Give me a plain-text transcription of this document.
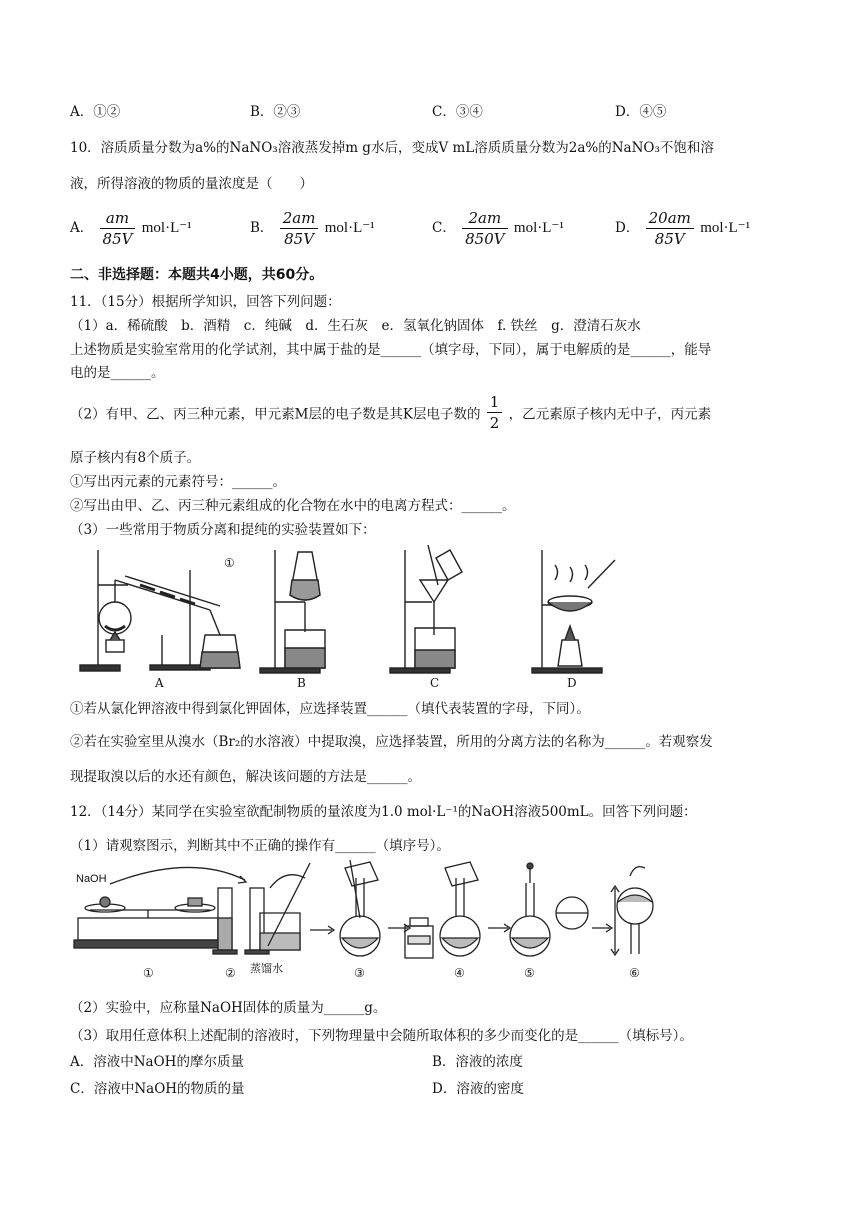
A．①②	B．②③	C．③④	D．④⑤
10．溶质质量分数为a%的NaNO₃溶液蒸发掉m g水后，变成V mL溶质质量分数为2a%的NaNO₃不饱和溶
液，所得溶液的物质的量浓度是（　　）
A． $\frac{am}{85V} mol\cdot L^{-1}$	B． $\frac{2am}{85V} mol\cdot L^{-1}$	C． $\frac{2am}{850V} mol\cdot L^{-1}$	D． $\frac{20am}{85V} mol\cdot L^{-1}$
二、非选择题：本题共4小题，共60分。
11．（15分）根据所学知识，回答下列问题：
（1）a．稀硫酸　b．酒精　c．纯碱　d．生石灰　e．氢氧化钠固体　f. 铁丝　g．澄清石灰水
上述物质是实验室常用的化学试剂，其中属于盐的是______（填字母，下同），属于电解质的是______，能导
电的是______。
（2）有甲、乙、丙三种元素，甲元素M层的电子数是其K层电子数的 $\frac{1}{2}$ ，乙元素原子核内无中子，丙元素
原子核内有8个质子。
①写出丙元素的元素符号：______。
②写出由甲、乙、丙三种元素组成的化合物在水中的电离方程式：______。
（3）一些常用于物质分离和提纯的实验装置如下：
①
A	B	C	D
①若从氯化钾溶液中得到氯化钾固体，应选择装置______（填代表装置的字母，下同）。
②若在实验室里从溴水（Br₂的水溶液）中提取溴，应选择装置，所用的分离方法的名称为______。若观察发
现提取溴以后的水还有颜色，解决该问题的方法是______。
12．（14分）某同学在实验室欲配制物质的量浓度为1.0 mol·L⁻¹的NaOH溶液500mL。回答下列问题：
（1）请观察图示，判断其中不正确的操作有______（填序号）。
NaOH
蒸馏水
①	②	③	④	⑤	⑥
（2）实验中，应称量NaOH固体的质量为______g。
（3）取用任意体积上述配制的溶液时，下列物理量中会随所取体积的多少而变化的是______（填标号）。
A．溶液中NaOH的摩尔质量	B．溶液的浓度
C．溶液中NaOH的物质的量	D．溶液的密度
